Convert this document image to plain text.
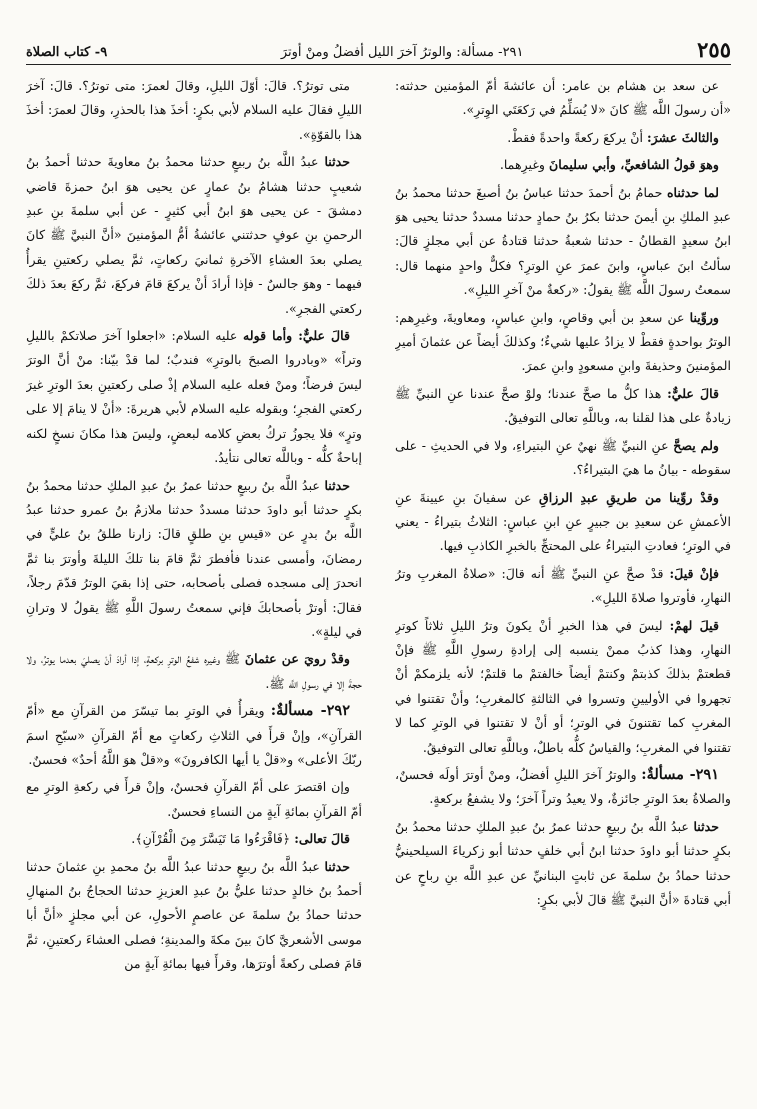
٢٥٥
٢٩١- مسألة: والوترُ آخرَ الليل أفضلُ ومنْ أوترَ
٩- كتاب الصلاة

عن سعد بن هشام بن عامر: أن عائشةَ أمّ المؤمنين حدثته: «أن رسولَ اللَّه ﷺ كانَ «لا يُسَلِّمُ في رَكعَتَي الوِترِ».

والثالثَ عشرَ: أنْ يركعَ ركعةً واحدةً فقطْ.

وهوَ قولُ الشافعيِّ، وأبي سليمانَ وغيرِهما.

لما حدثناه حمامُ بنُ أحمدَ حدثنا عباسُ بنُ أصبغَ حدثنا محمدُ بنُ عبدِ الملكِ بنِ أيمنَ حدثنا بكرُ بنُ حمادٍ حدثنا مسددٌ حدثنا يحيى هوَ ابنُ سعيدٍ القطانُ - حدثنا شعبةُ حدثنا قتادةُ عن أبي مجلزٍ قالَ: سألتُ ابنَ عباسٍ، وابنَ عمرَ عنِ الوترِ؟ فكلٌّ واحدٍ منهما قال: سمعتُ رسولَ اللَّه ﷺ يقولُ: «ركعةٌ منْ آخرِ الليلِ».

وروِّينا عن سعدِ بن أبي وقاصٍ، وابنِ عباسٍ، ومعاويةَ، وغيرِهم: الوترُ بواحدةٍ فقطْ لا يزادُ عليها شيءٌ؛ وكذلكَ أيضاً عن عثمانَ أميرِ المؤمنينَ وحذيفةَ وابنِ مسعودٍ وابنِ عمرَ.

قالَ عليٌّ: هذا كلُّ ما صحَّ عندنا؛ ولوْ صحَّ عندنا عنِ النبيِّ ﷺ زيادةٌ على هذا لقلنا به، وباللَّهِ تعالى التوفيقُ.

ولم يصحَّ عنِ النبيِّ ﷺ نهيٌ عنِ البتيراءِ، ولا في الحديثِ - على سقوطه - بيانُ ما هيَ البتيراءُ؟.

وقدْ روِّينا من طريقِ عبدِ الرزاقِ عن سفيانَ بنِ عيينةَ عنِ الأعمشِ عن سعيدِ بن جبيرٍ عنِ ابنِ عباسٍ: الثلاثُ بتيراءُ - يعني في الوترِ؛ فعادتِ البتيراءُ على المحتجِّ بالخبرِ الكاذبِ فيها.

فإنْ قيلَ: قدْ صحَّ عنِ النبيِّ ﷺ أنه قالَ: «صلاةُ المغربِ وترُ النهارِ، فأوتروا صلاةَ الليلِ».

قيلَ لهمْ: ليسَ في هذا الخبرِ أنْ يكونَ وترُ الليلِ ثلاثاً كوترِ النهارِ، وهذا كذبُ ممنْ ينسبه إلى إرادةِ رسولِ اللَّهِ ﷺ فإنْ قطعتمْ بذلكَ كذبتمْ وكنتمْ أيضاً خالفتمْ ما قلتمْ؛ لأنه يلزمكمْ أنْ تجهروا في الأوليينِ وتسروا في الثالثةِ كالمغربِ؛ وأنْ تقتنوا في المغربِ كما تقتنونَ في الوترِ؛ أو أنْ لا تقتنوا في الوترِ كما لا تقتنوا في المغربِ؛ والقياسُ كلُّه باطلٌ، وباللَّهِ تعالى التوفيقُ.

٢٩١- مسألةٌ: والوترُ آخرَ الليلِ أفضلُ، ومنْ أوترَ أولَه فحسنٌ، والصلاةُ بعدَ الوترِ جائزةٌ، ولا يعيدُ وتراً آخرَ؛ ولا يشفعُ بركعةٍ.

حدثنا عبدُ اللَّه بنُ ربيعٍ حدثنا عمرُ بنُ عبدِ الملكِ حدثنا محمدُ بنُ بكرٍ حدثنا أبو داودَ حدثنا ابنُ أبي خلفٍ حدثنا أبو زكرياءَ السيلحينيُّ حدثنا حمادُ بنُ سلمةَ عن ثابتٍ البنانيِّ عن عبدِ اللَّه بنِ رباحٍ عن أبي قتادةَ «أنَّ النبيَّ ﷺ قالَ لأبي بكرٍ:

متى توترُ؟. قالَ: أوّلَ الليلِ، وقالَ لعمرَ: متى توترُ؟. قالَ: آخرَ الليلِ فقالَ عليه السلام لأبي بكرٍ: أخذَ هذا بالحذرِ، وقالَ لعمرَ: أخذَ هذا بالقوّةِ».

حدثنا عبدُ اللَّه بنُ ربيعٍ حدثنا محمدُ بنُ معاويةَ حدثنا أحمدُ بنُ شعيبٍ حدثنا هشامُ بنُ عمارٍ عن يحيى هوَ ابنُ حمزةَ قاضي دمشقَ - عن يحيى هوَ ابنُ أبي كثيرٍ - عن أبي سلمةَ بنِ عبدِ الرحمنِ بنِ عوفٍ حدثتني عائشةُ أمُّ المؤمنينَ «أنَّ النبيَّ ﷺ كانَ يصلي بعدَ العشاءِ الآخرةِ ثمانيَ ركعاتٍ، ثمَّ يصلي ركعتينِ يقرأُ فيهما - وهوَ جالسٌ - فإذا أرادَ أنْ يركعَ قامَ فركعَ، ثمَّ ركعَ بعدَ ذلكَ ركعتي الفجرِ».

قالَ عليٌّ: وأما قوله عليه السلام: «اجعلوا آخرَ صلاتكمْ بالليلِ وتراً» «وبادروا الصبحَ بالوترِ» فندبٌ؛ لما قدْ بيّنا: منْ أنَّ الوترَ ليسَ فرضاً؛ ومنْ فعله عليه السلام إذْ صلى ركعتينِ بعدَ الوترِ غيرَ ركعتي الفجرِ؛ وبقوله عليه السلام لأبي هريرةَ: «أنْ لا ينامَ إلا على وترٍ» فلا يجوزُ تركُ بعضِ كلامه لبعضٍ، وليسَ هذا مكانَ نسخٍ لكنه إباحةٌ كلُّه - وباللَّه تعالى نتأيدُ.

حدثنا عبدُ اللَّه بنُ ربيعٍ حدثنا عمرُ بنُ عبدِ الملكِ حدثنا محمدُ بنُ بكرٍ حدثنا أبو داودَ حدثنا مسددٌ حدثنا ملازمُ بنُ عمرو حدثنا عبدُ اللَّه بنُ بدرٍ عن «قيسِ بنِ طلقٍ قالَ: زارنا طلقُ بنُ عليٍّ في رمضانَ، وأمسى عندنا فأفطرَ ثمَّ قامَ بنا تلكَ الليلةَ وأوترَ بنا ثمَّ انحدرَ إلى مسجده فصلى بأصحابه، حتى إذا بقيَ الوترُ قدّمَ رجلاً، فقالَ: أوترْ بأصحابكَ فإني سمعتُ رسولَ اللَّهِ ﷺ يقولُ لا وترانِ في ليلةٍ».

وقدْ رويَ عن عثمانَ ﷺ وغيره شفعُ الوترِ بركعةٍ، إذا أرادَ أنْ يصليَ بعدما يوترُ، ولا حجةَ إلا في رسولِ اللَّه ﷺ.

٢٩٢- مسألةٌ: ويقرأُ في الوترِ بما تيسّرَ من القرآنِ مع «أمّ القرآنِ»، وإنْ قرأَ في الثلاثِ ركعاتٍ مع أمّ القرآنِ «سبّحِ اسمَ ربّكَ الأعلى» و«قلْ يا أيها الكافرونَ» و«قلْ هوَ اللَّهُ أحدٌ» فحسنٌ.

وإن اقتصرَ على أمّ القرآنِ فحسنٌ، وإنْ قرأَ في ركعةِ الوترِ مع أمّ القرآنِ بمائةِ آيةٍ من النساءِ فحسنٌ.

قالَ تعالى: ﴿فَاقْرَءُوا مَا تَيَسَّرَ مِنَ الْقُرْآنِ﴾.

حدثنا عبدُ اللَّه بنُ ربيعٍ حدثنا عبدُ اللَّه بنُ محمدِ بنِ عثمانَ حدثنا أحمدُ بنُ خالدٍ حدثنا عليُّ بنُ عبدِ العزيزِ حدثنا الحجاجُ بنُ المنهالِ حدثنا حمادُ بنُ سلمةَ عن عاصمٍ الأحولِ، عن أبي مجلزٍ «أنَّ أبا موسى الأشعريَّ كانَ بينَ مكةَ والمدينةِ؛ فصلى العشاءَ ركعتينِ، ثمَّ قامَ فصلى ركعةً أوترَها، وقرأَ فيها بمائةِ آيةٍ من
